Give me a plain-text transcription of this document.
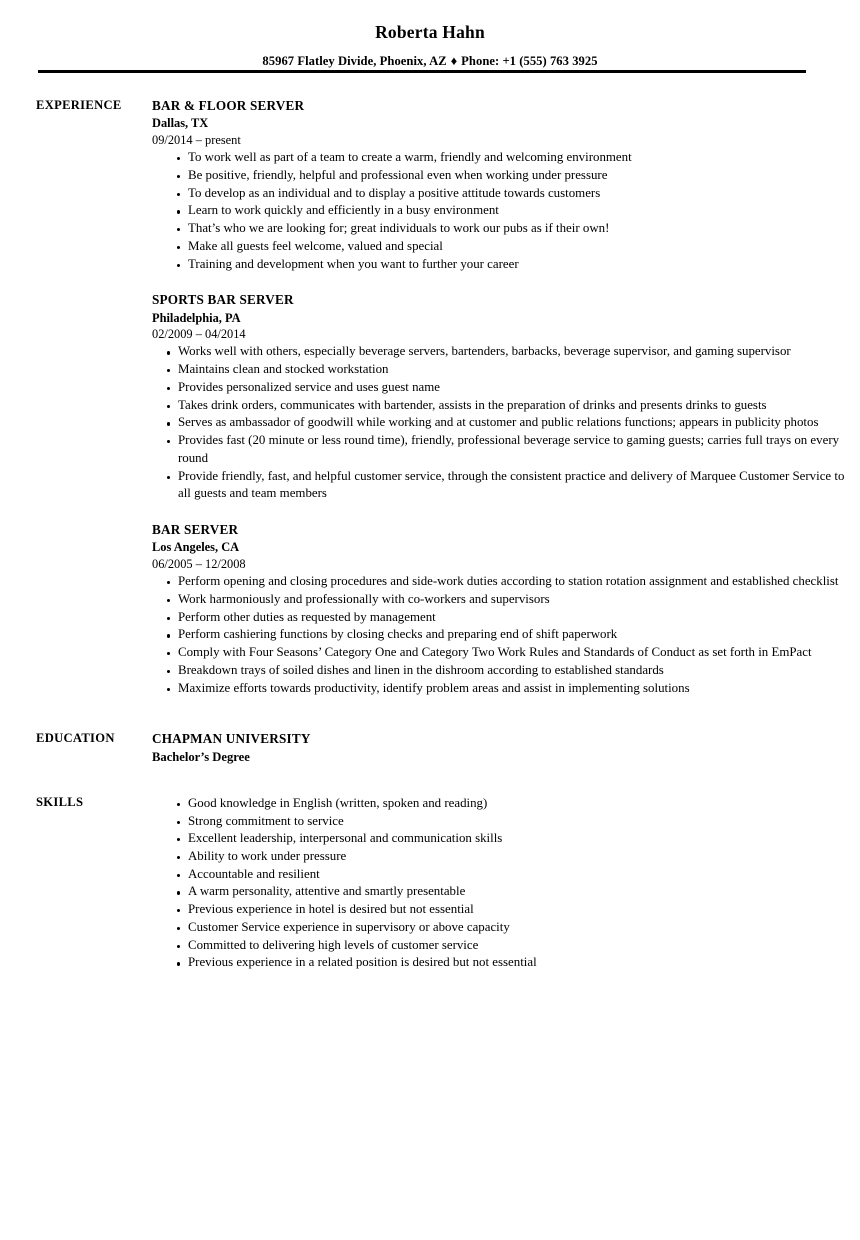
Roberta Hahn
85967 Flatley Divide, Phoenix, AZ ♦ Phone: +1 (555) 763 3925
EXPERIENCE	BAR & FLOOR SERVER
Dallas, TX
09/2014 – present
To work well as part of a team to create a warm, friendly and welcoming environment
Be positive, friendly, helpful and professional even when working under pressure
To develop as an individual and to display a positive attitude towards customers
Learn to work quickly and efficiently in a busy environment
That’s who we are looking for; great individuals to work our pubs as if their own!
Make all guests feel welcome, valued and special
Training and development when you want to further your career
SPORTS BAR SERVER
Philadelphia, PA
02/2009 – 04/2014
Works well with others, especially beverage servers, bartenders, barbacks, beverage supervisor, and gaming supervisor
Maintains clean and stocked workstation
Provides personalized service and uses guest name
Takes drink orders, communicates with bartender, assists in the preparation of drinks and presents drinks to guests
Serves as ambassador of goodwill while working and at customer and public relations functions; appears in publicity photos
Provides fast (20 minute or less round time), friendly, professional beverage service to gaming guests; carries full trays on every round
Provide friendly, fast, and helpful customer service, through the consistent practice and delivery of Marquee Customer Service to all guests and team members
BAR SERVER
Los Angeles, CA
06/2005 – 12/2008
Perform opening and closing procedures and side-work duties according to station rotation assignment and established checklist
Work harmoniously and professionally with co-workers and supervisors
Perform other duties as requested by management
Perform cashiering functions by closing checks and preparing end of shift paperwork
Comply with Four Seasons’ Category One and Category Two Work Rules and Standards of Conduct as set forth in EmPact
Breakdown trays of soiled dishes and linen in the dishroom according to established standards
Maximize efforts towards productivity, identify problem areas and assist in implementing solutions
EDUCATION	CHAPMAN UNIVERSITY
Bachelor’s Degree
SKILLS	Good knowledge in English (written, spoken and reading)
Strong commitment to service
Excellent leadership, interpersonal and communication skills
Ability to work under pressure
Accountable and resilient
A warm personality, attentive and smartly presentable
Previous experience in hotel is desired but not essential
Customer Service experience in supervisory or above capacity
Committed to delivering high levels of customer service
Previous experience in a related position is desired but not essential
